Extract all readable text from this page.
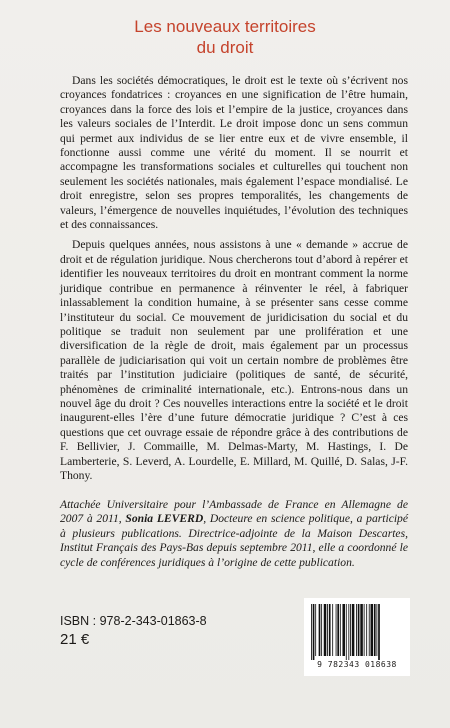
Les nouveaux territoires
du droit

Dans les sociétés démocratiques, le droit est le texte où s’écrivent nos croyances fondatrices : croyances en une signification de l’être humain, croyances dans la force des lois et l’empire de la justice, croyances dans les valeurs sociales de l’Interdit. Le droit impose donc un sens commun qui permet aux individus de se lier entre eux et de vivre ensemble, il fonctionne aussi comme une vérité du moment. Il se nourrit et accompagne les transformations sociales et culturelles qui touchent non seulement les sociétés nationales, mais également l’espace mondialisé. Le droit enregistre, selon ses propres temporalités, les changements de valeurs, l’émergence de nouvelles inquiétudes, l’évolution des techniques et des connaissances.

Depuis quelques années, nous assistons à une « demande » accrue de droit et de régulation juridique. Nous chercherons tout d’abord à repérer et identifier les nouveaux territoires du droit en montrant comment la norme juridique contribue en permanence à réinventer le réel, à fabriquer inlassablement la condition humaine, à se présenter sans cesse comme l’instituteur du social. Ce mouvement de juridicisation du social et du politique se traduit non seulement par une prolifération et une diversification de la règle de droit, mais également par un processus parallèle de judiciarisation qui voit un certain nombre de problèmes être traités par l’institution judiciaire (politiques de santé, de sécurité, phénomènes de criminalité internationale, etc.). Entrons-nous dans un nouvel âge du droit ? Ces nouvelles interactions entre la société et le droit inaugurent-elles l’ère d’une future démocratie juridique ? C’est à ces questions que cet ouvrage essaie de répondre grâce à des contributions de F. Bellivier, J. Commaille, M. Delmas-Marty, M. Hastings, I. De Lamberterie, S. Leverd, A. Lourdelle, E. Millard, M. Quillé, D. Salas, J-F. Thony.

Attachée Universitaire pour l’Ambassade de France en Allemagne de 2007 à 2011, Sonia LEVERD, Docteure en science politique, a participé à plusieurs publications. Directrice-adjointe de la Maison Descartes, Institut Français des Pays-Bas depuis septembre 2011, elle a coordonné le cycle de conférences juridiques à l’origine de cette publication.

ISBN : 978-2-343-01863-8
21 €
9 782343 018638
